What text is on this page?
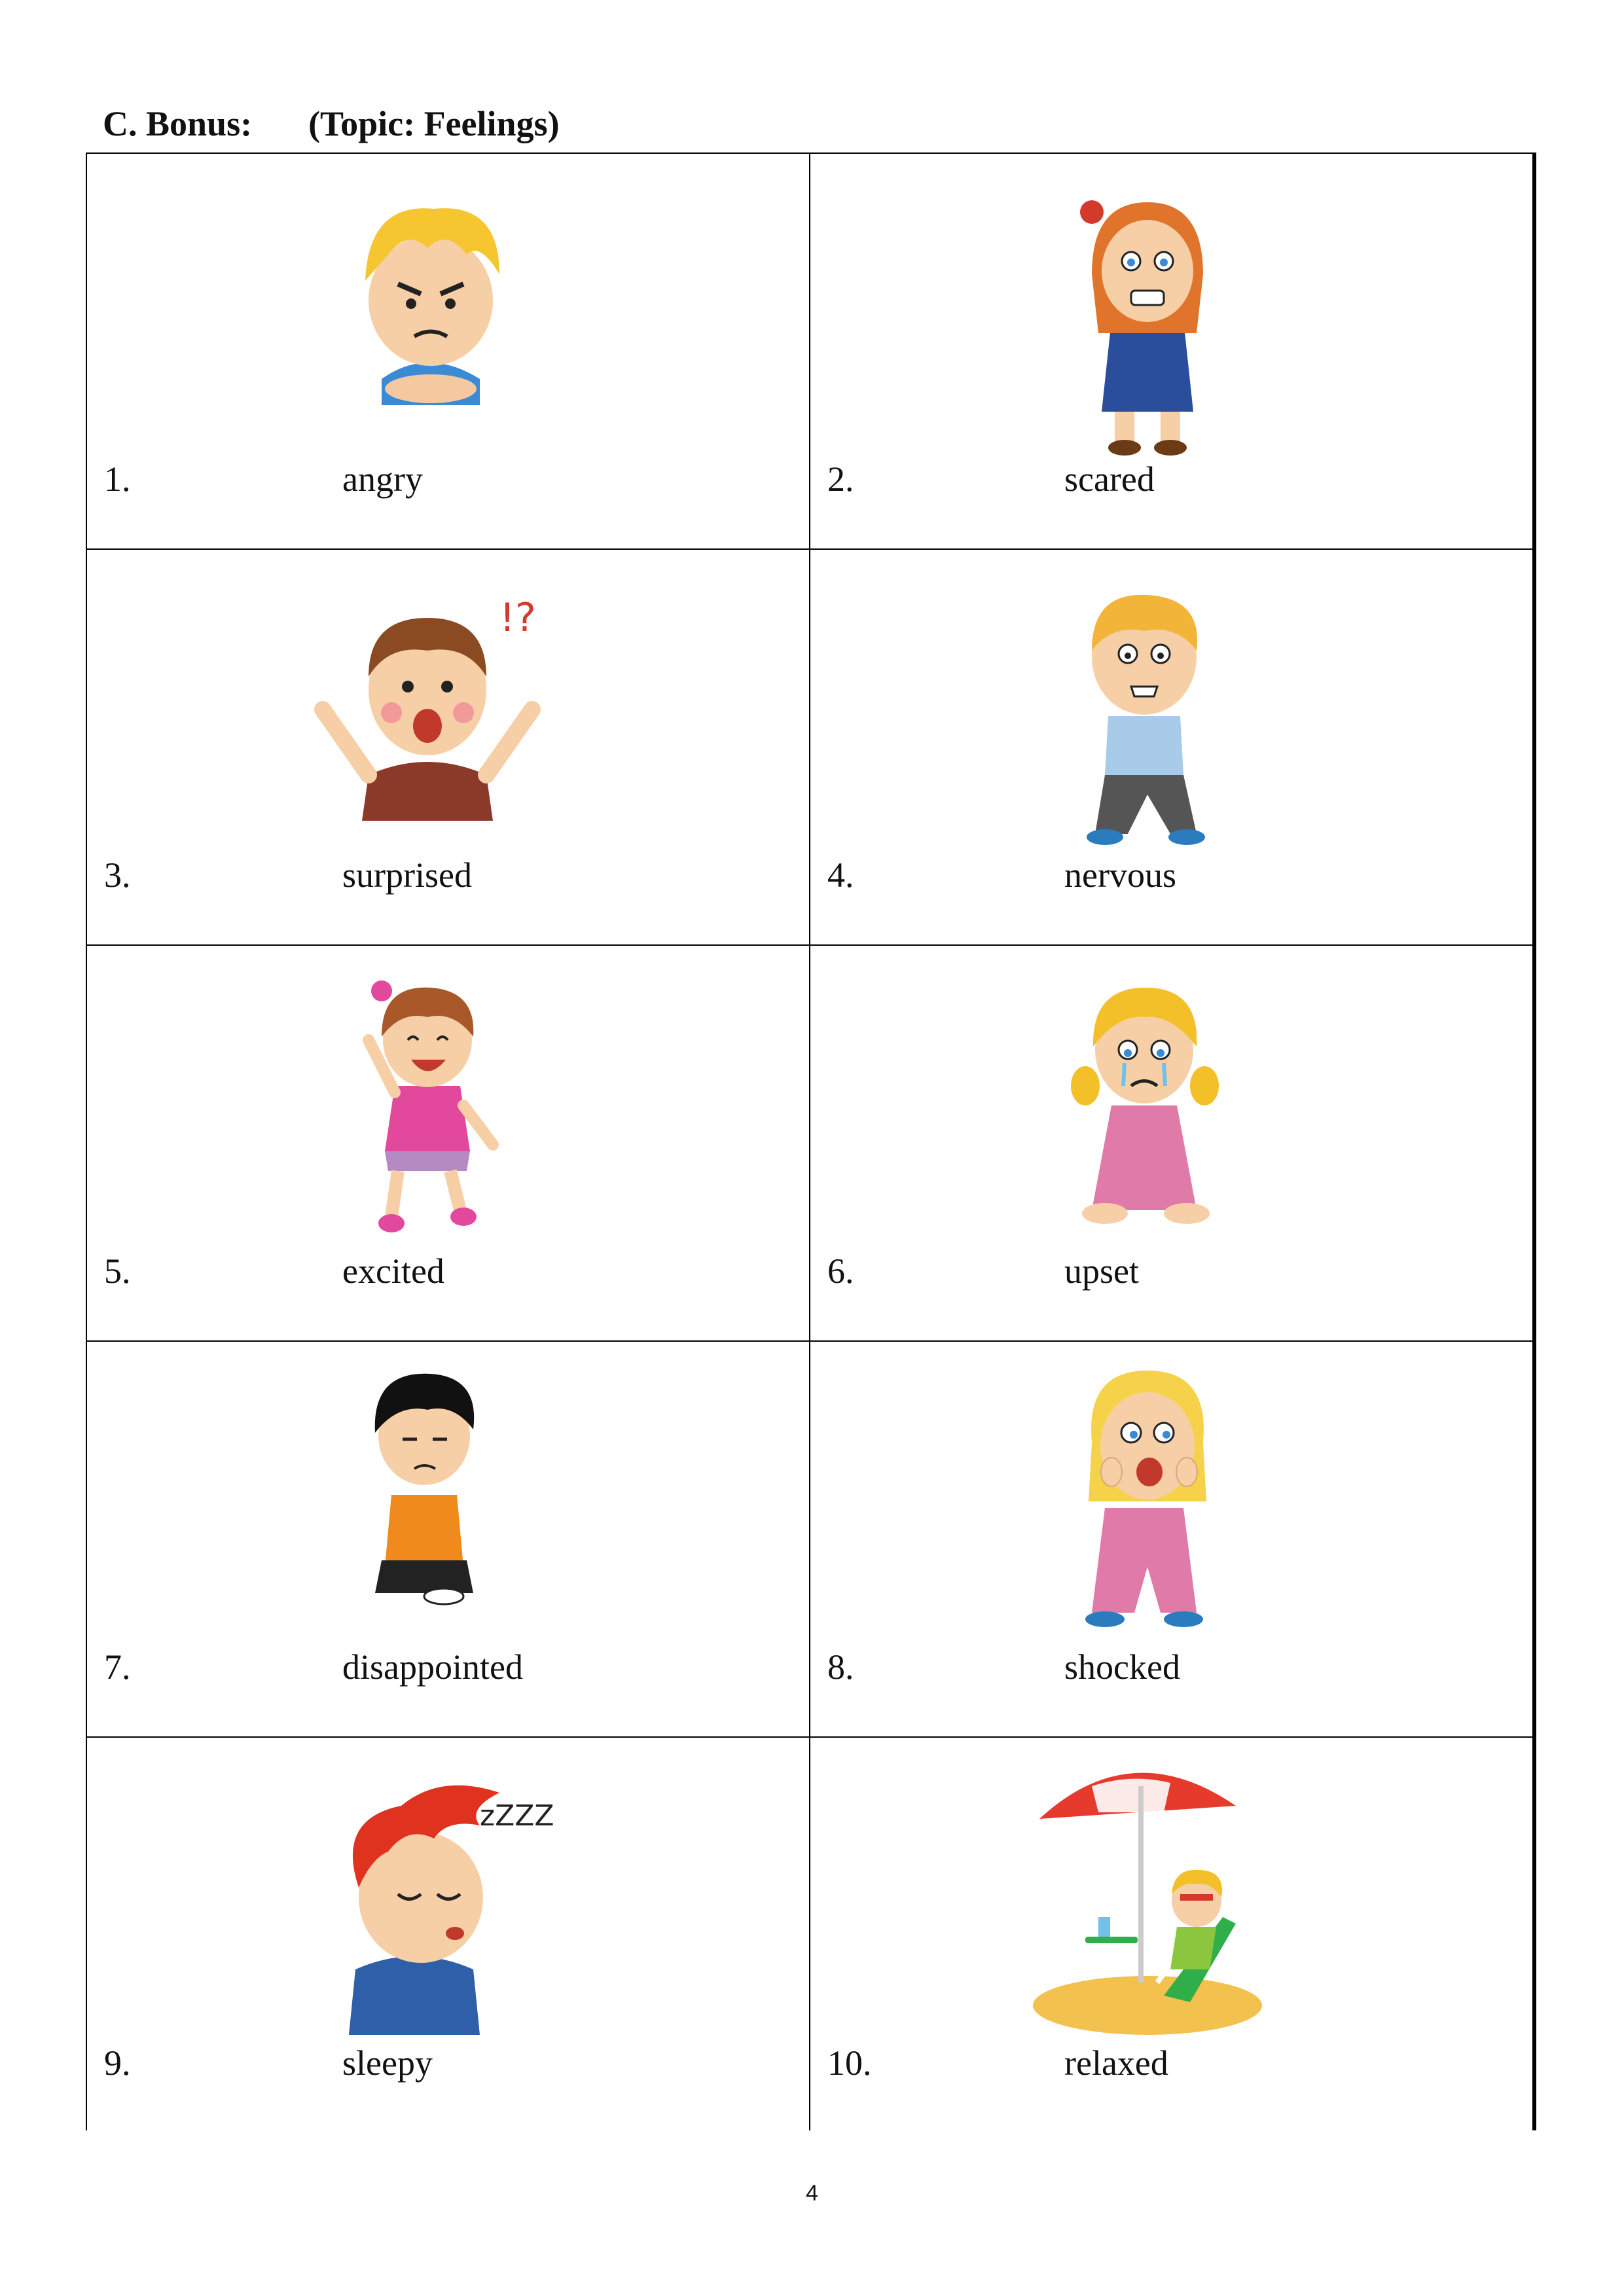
C. Bonus: (Topic: Feelings)
1.	angry	2.	scared
!?
3.	surprised	4.	nervous
5.	excited	6.	upset
7.	disappointed	8.	shocked
zZZZ
9.	sleepy	10.	relaxed
4
